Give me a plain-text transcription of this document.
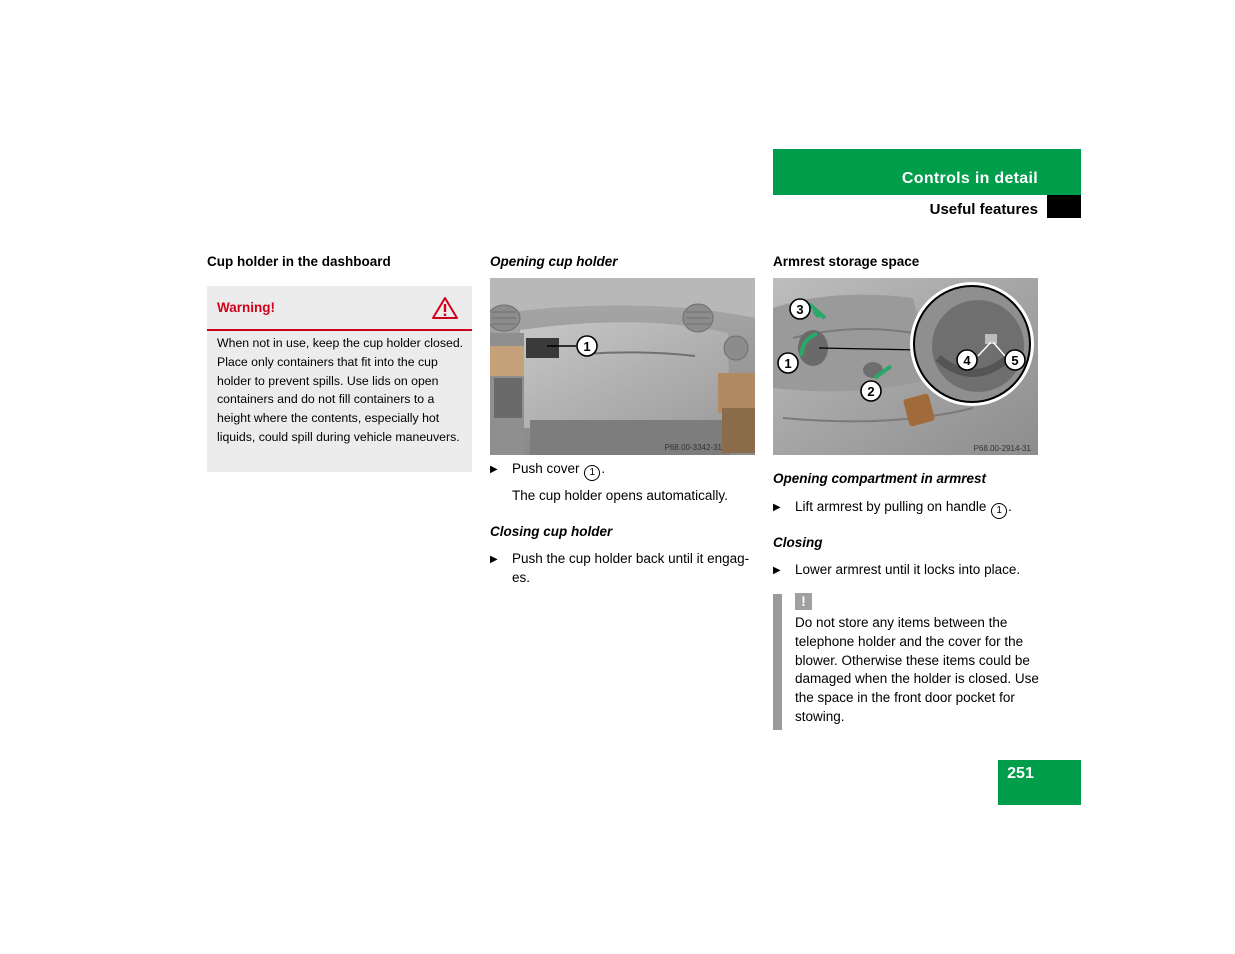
Controls in detail
Useful features
Cup holder in the dashboard
Warning!
When not in use, keep the cup holder closed. Place only containers that fit into the cup holder to prevent spills. Use lids on open containers and do not fill containers to a height where the contents, especially hot liquids, could spill during vehicle maneuvers.
Opening cup holder
1
P68.00-3342-31
▶ Push cover 1 .
The cup holder opens automatically.
Closing cup holder
▶ Push the cup holder back until it engag-
es.
Armrest storage space
3
1
2
4	5
P68.00-2914-31
Opening compartment in armrest
▶ Lift armrest by pulling on handle 1 .
Closing
▶ Lower armrest until it locks into place.
!
Do not store any items between the telephone holder and the cover for the blower. Otherwise these items could be damaged when the holder is closed. Use the space in the front door pocket for stowing.
251
